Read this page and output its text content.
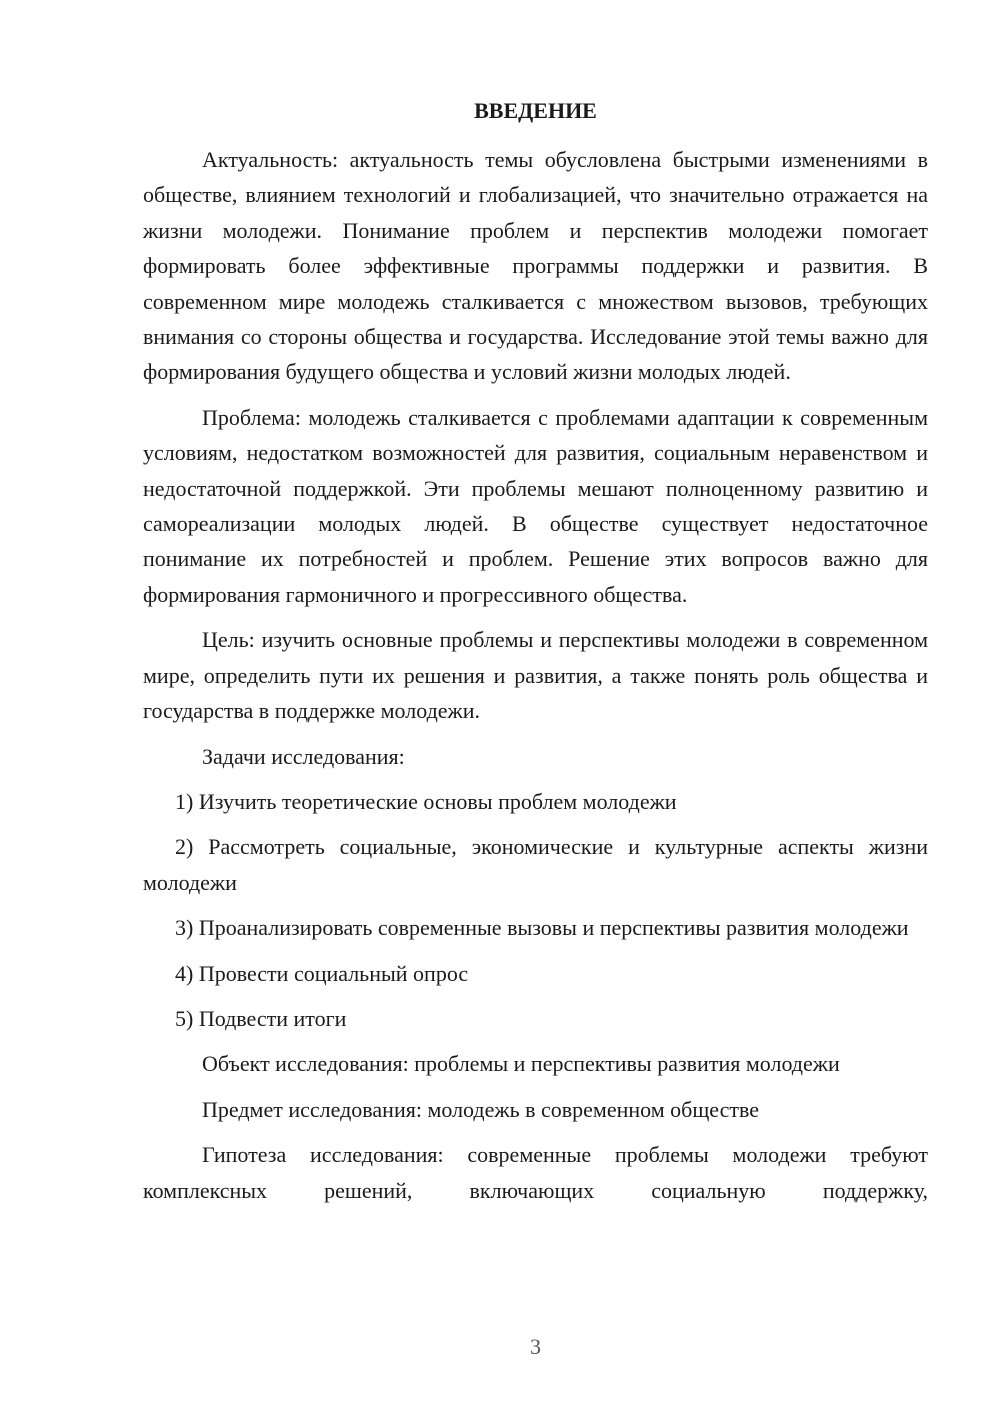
ВВЕДЕНИЕ

Актуальность: актуальность темы обусловлена быстрыми изменениями в обществе, влиянием технологий и глобализацией, что значительно отражается на жизни молодежи. Понимание проблем и перспектив молодежи помогает формировать более эффективные программы поддержки и развития. В современном мире молодежь сталкивается с множеством вызовов, требующих внимания со стороны общества и государства. Исследование этой темы важно для формирования будущего общества и условий жизни молодых людей.

Проблема: молодежь сталкивается с проблемами адаптации к современным условиям, недостатком возможностей для развития, социальным неравенством и недостаточной поддержкой. Эти проблемы мешают полноценному развитию и самореализации молодых людей. В обществе существует недостаточное понимание их потребностей и проблем. Решение этих вопросов важно для формирования гармоничного и прогрессивного общества.

Цель: изучить основные проблемы и перспективы молодежи в современном мире, определить пути их решения и развития, а также понять роль общества и государства в поддержке молодежи.

Задачи исследования:

1) Изучить теоретические основы проблем молодежи

2) Рассмотреть социальные, экономические и культурные аспекты жизни молодежи

3) Проанализировать современные вызовы и перспективы развития молодежи

4) Провести социальный опрос

5) Подвести итоги

Объект исследования: проблемы и перспективы развития молодежи

Предмет исследования: молодежь в современном обществе

Гипотеза исследования: современные проблемы молодежи требуют комплексных решений, включающих социальную поддержку,

3
